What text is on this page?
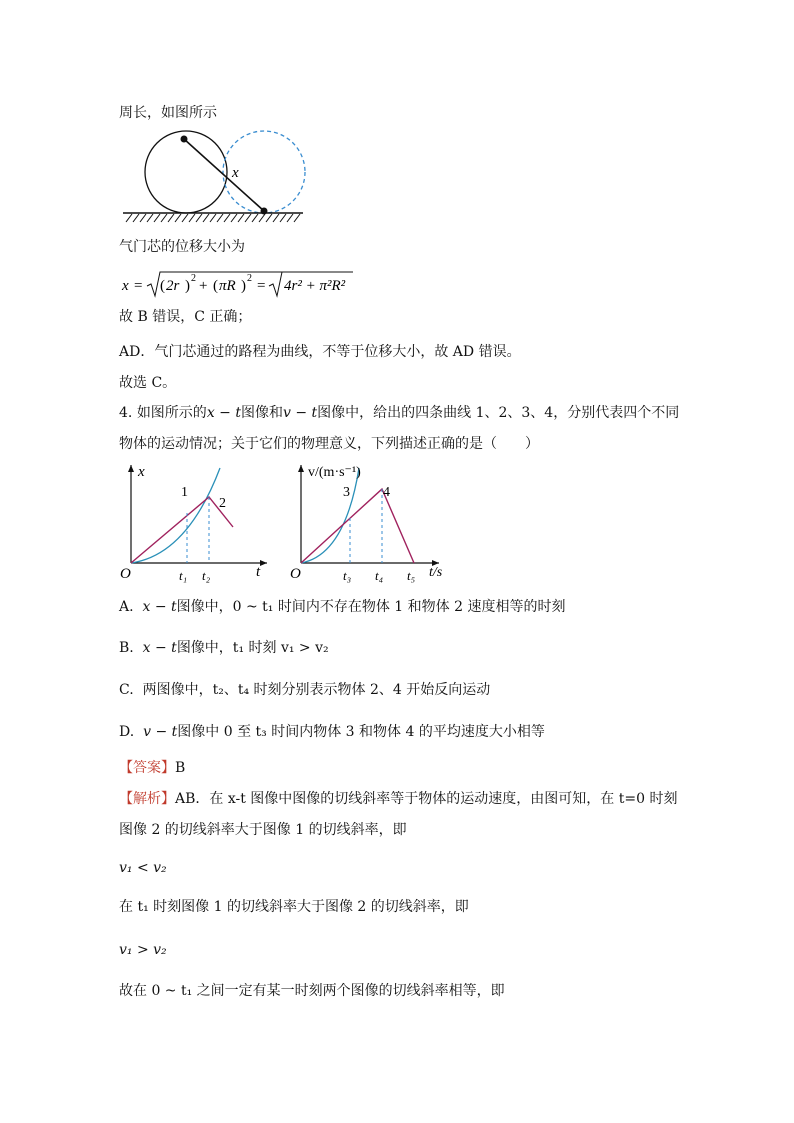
周长，如图所示
x
气门芯的位移大小为
x = ( 2r ) 2 + ( πR ) 2 = 4r² + π²R²
故 B 错误，C 正确；
AD．气门芯通过的路程为曲线，不等于位移大小，故 AD 错误。
故选 C。
4. 如图所示的x − t图像和v − t图像中，给出的四条曲线 1、2、3、4，分别代表四个不同
物体的运动情况；关于它们的物理意义，下列描述正确的是（　　）
x
t
O
1
2
t₁ t₂
v/(m·s⁻¹)
t/s
O
3 4
t₃ t₄ t₅
A. x − t图像中，0 ~ t₁ 时间内不存在物体 1 和物体 2 速度相等的时刻
B. x − t图像中，t₁ 时刻 v₁ > v₂
C. 两图像中，t₂、t₄ 时刻分别表示物体 2、4 开始反向运动
D. v − t图像中 0 至 t₃ 时间内物体 3 和物体 4 的平均速度大小相等
【答案】B
【解析】AB．在 x-t 图像中图像的切线斜率等于物体的运动速度，由图可知，在 t=0 时刻
图像 2 的切线斜率大于图像 1 的切线斜率，即
v₁ < v₂
在 t₁ 时刻图像 1 的切线斜率大于图像 2 的切线斜率，即
v₁ > v₂
故在 0 ~ t₁ 之间一定有某一时刻两个图像的切线斜率相等，即
